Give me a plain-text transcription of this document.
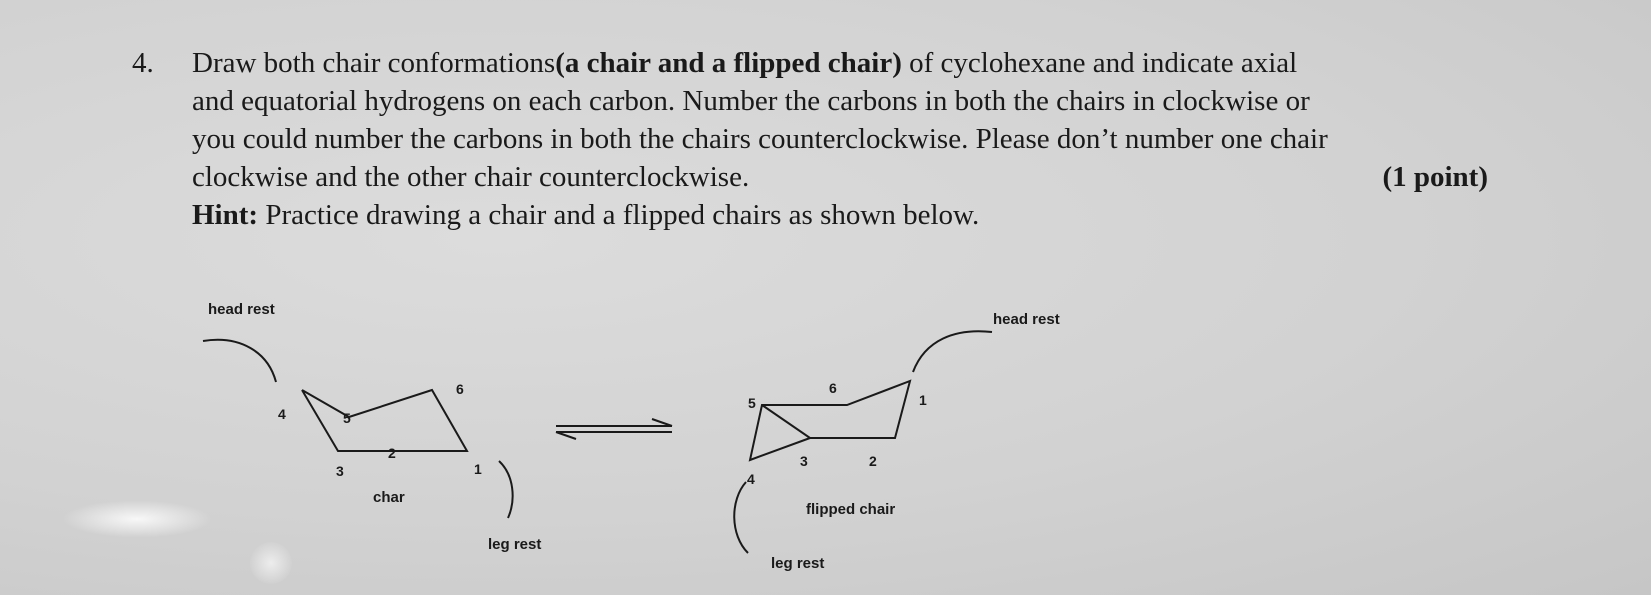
4. Draw both chair conformations(a chair and a flipped chair) of cyclohexane and indicate axial
and equatorial hydrogens on each carbon. Number the carbons in both the chairs in clockwise or
you could number the carbons in both the chairs counterclockwise. Please don’t number one chair
clockwise and the other chair counterclockwise.	(1 point)
Hint: Practice drawing a chair and a flipped chairs as shown below.
head rest
1
2
3
4	5
6
char
leg rest
head rest
1
2
3
4
5
6
flipped chair
leg rest
